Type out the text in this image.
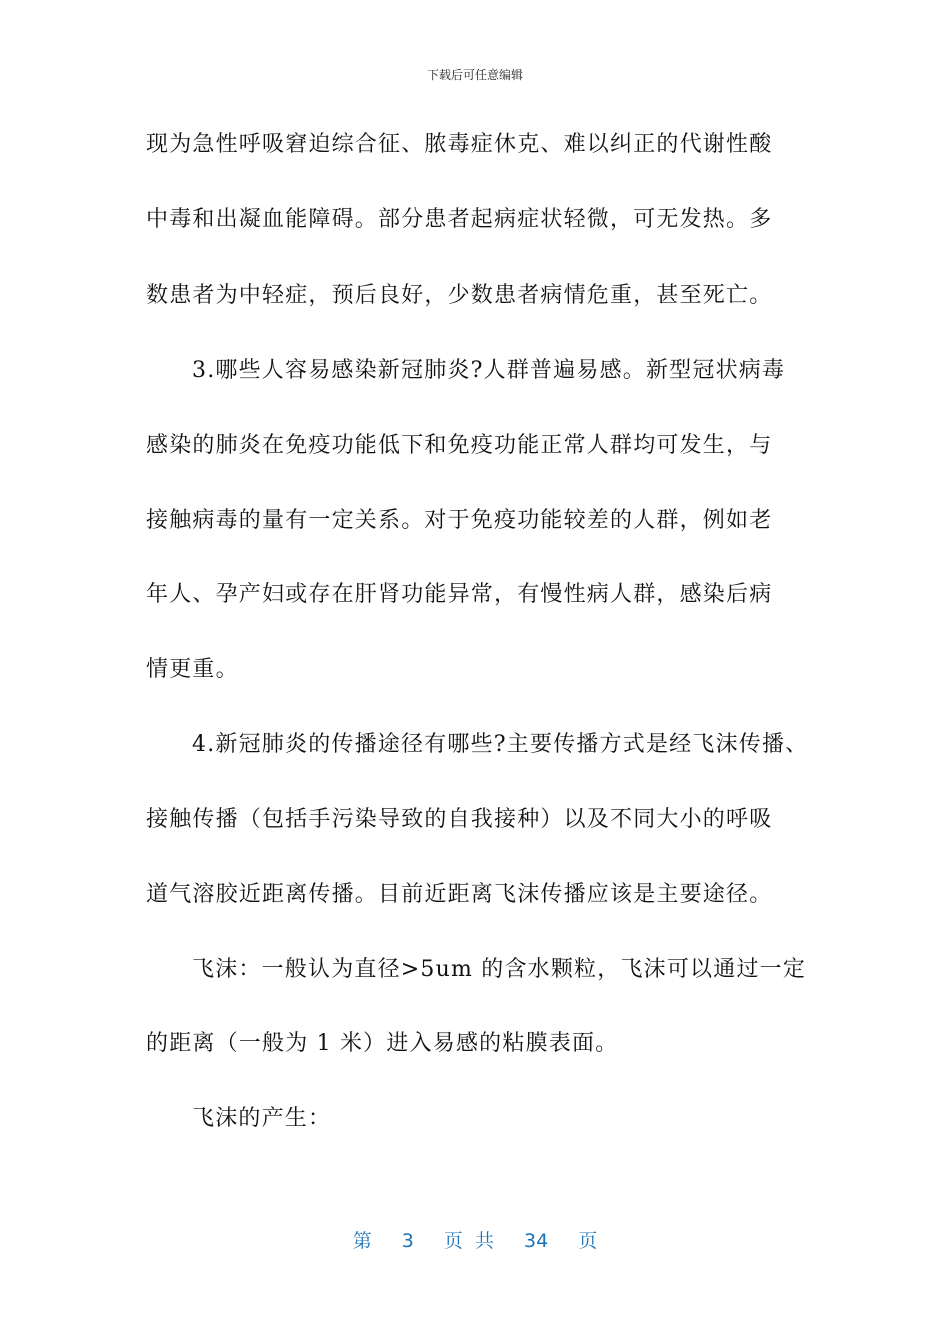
下载后可任意编辑
现为急性呼吸窘迫综合征、脓毒症休克、难以纠正的代谢性酸
中毒和出凝血能障碍。部分患者起病症状轻微，可无发热。多
数患者为中轻症，预后良好，少数患者病情危重，甚至死亡。
3.哪些人容易感染新冠肺炎?人群普遍易感。新型冠状病毒
感染的肺炎在免疫功能低下和免疫功能正常人群均可发生，与
接触病毒的量有一定关系。对于免疫功能较差的人群，例如老
年人、孕产妇或存在肝肾功能异常，有慢性病人群，感染后病
情更重。
4.新冠肺炎的传播途径有哪些?主要传播方式是经飞沫传播、
接触传播（包括手污染导致的自我接种）以及不同大小的呼吸
道气溶胶近距离传播。目前近距离飞沫传播应该是主要途径。
飞沫：一般认为直径>5um 的含水颗粒，飞沫可以通过一定
的距离（一般为 1 米）进入易感的粘膜表面。
飞沫的产生：
第 3 页 共 34 页
